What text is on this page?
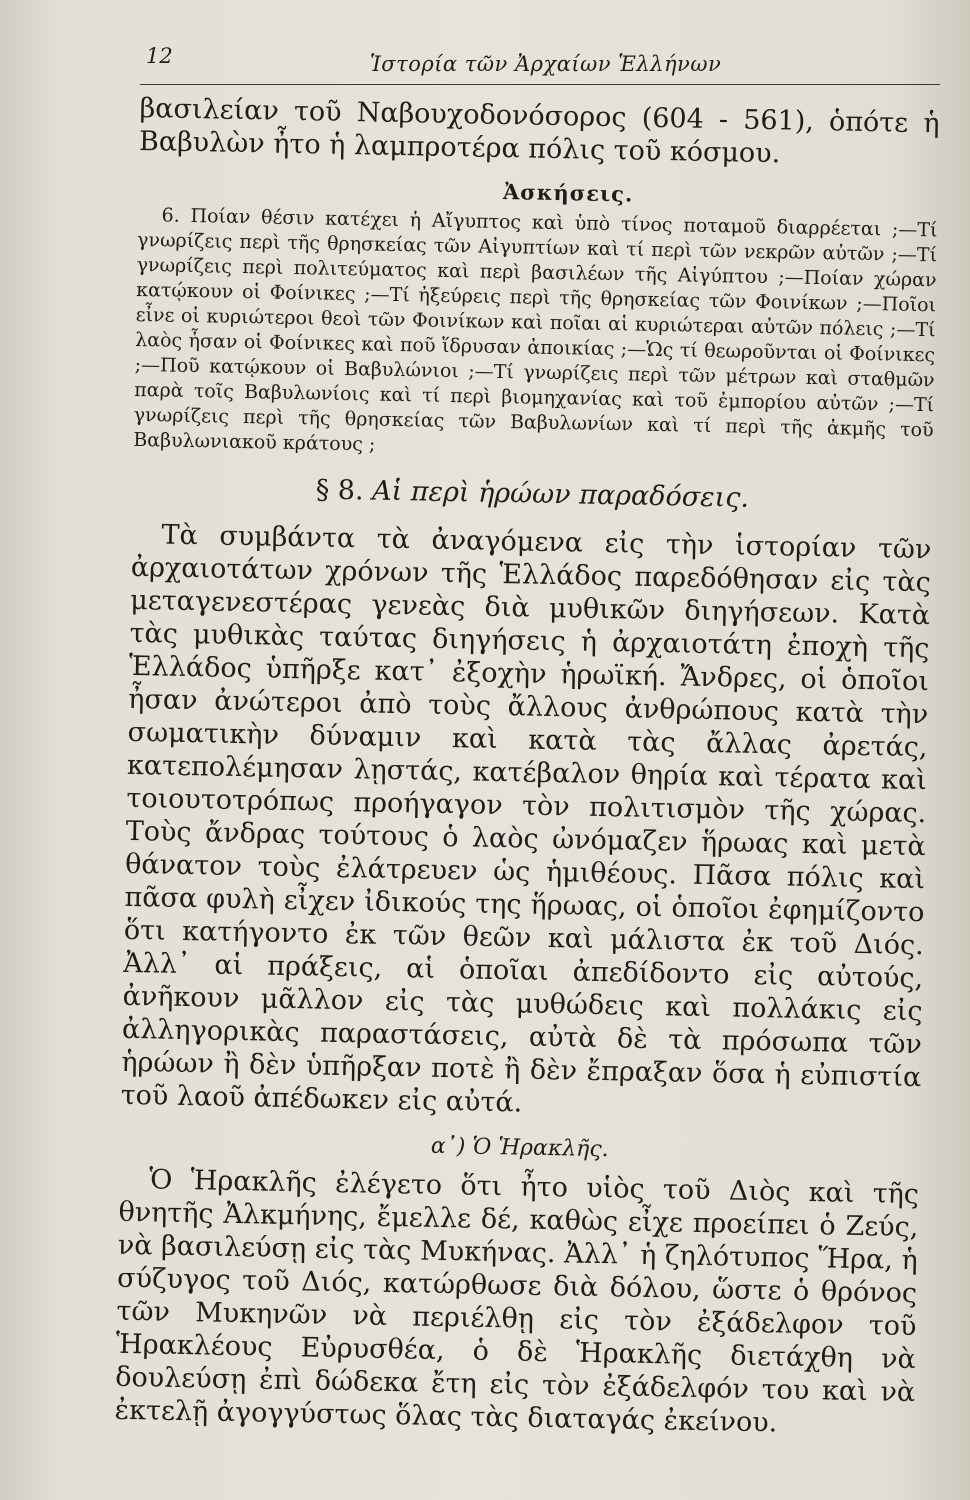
12	Ἱστορία τῶν Ἀρχαίων Ἑλλήνων

βασιλείαν τοῦ Ναβουχοδονόσορος (604 - 561), ὁπότε ἡ Βαβυλὼν ἦτο ἡ λαμπροτέρα πόλις τοῦ κόσμου.

Ἀσκήσεις.

6. Ποίαν θέσιν κατέχει ἡ Αἴγυπτος καὶ ὑπὸ τίνος ποταμοῦ διαρρέεται ;—Τί γνωρίζεις περὶ τῆς θρησκείας τῶν Αἰγυπτίων καὶ τί περὶ τῶν νεκρῶν αὐτῶν ;—Τί γνωρίζεις περὶ πολιτεύματος καὶ περὶ βασιλέων τῆς Αἰγύπτου ;—Ποίαν χώραν κατῴκουν οἱ Φοίνικες ;—Τί ἠξεύρεις περὶ τῆς θρησκείας τῶν Φοινίκων ;—Ποῖοι εἶνε οἱ κυριώτεροι θεοὶ τῶν Φοινίκων καὶ ποῖαι αἱ κυριώτεραι αὐτῶν πόλεις ;—Τί λαὸς ἦσαν οἱ Φοίνικες καὶ ποῦ ἵδρυσαν ἀποικίας ;—Ὡς τί θεωροῦνται οἱ Φοίνικες ;—Ποῦ κατῴκουν οἱ Βαβυλώνιοι ;—Τί γνωρίζεις περὶ τῶν μέτρων καὶ σταθμῶν παρὰ τοῖς Βαβυλωνίοις καὶ τί περὶ βιομηχανίας καὶ τοῦ ἐμπορίου αὐτῶν ;—Τί γνωρίζεις περὶ τῆς θρησκείας τῶν Βαβυλωνίων καὶ τί περὶ τῆς ἀκμῆς τοῦ Βαβυλωνιακοῦ κράτους ;

§ 8. Αἱ περὶ ἡρώων παραδόσεις.

Τὰ συμβάντα τὰ ἀναγόμενα εἰς τὴν ἱστορίαν τῶν ἀρχαιοτάτων χρόνων τῆς Ἑλλάδος παρεδόθησαν εἰς τὰς μεταγενεστέρας γενεὰς διὰ μυθικῶν διηγήσεων. Κατὰ τὰς μυθικὰς ταύτας διηγήσεις ἡ ἀρχαιοτάτη ἐποχὴ τῆς Ἑλλάδος ὑπῆρξε κατ᾽ ἐξοχὴν ἡρωϊκή. Ἄνδρες, οἱ ὁποῖοι ἦσαν ἀνώτεροι ἀπὸ τοὺς ἄλλους ἀνθρώπους κατὰ τὴν σωματικὴν δύναμιν καὶ κατὰ τὰς ἄλλας ἀρετάς, κατεπολέμησαν λῃστάς, κατέβαλον θηρία καὶ τέρατα καὶ τοιουτοτρόπως προήγαγον τὸν πολιτισμὸν τῆς χώρας. Τοὺς ἄνδρας τούτους ὁ λαὸς ὠνόμαζεν ἥρωας καὶ μετὰ θάνατον τοὺς ἐλάτρευεν ὡς ἡμιθέους. Πᾶσα πόλις καὶ πᾶσα φυλὴ εἶχεν ἰδικούς της ἥρωας, οἱ ὁποῖοι ἐφημίζοντο ὅτι κατήγοντο ἐκ τῶν θεῶν καὶ μάλιστα ἐκ τοῦ Διός. Ἀλλ᾽ αἱ πράξεις, αἱ ὁποῖαι ἀπεδίδοντο εἰς αὐτούς, ἀνῆκουν μᾶλλον εἰς τὰς μυθώδεις καὶ πολλάκις εἰς ἀλληγορικὰς παραστάσεις, αὐτὰ δὲ τὰ πρόσωπα τῶν ἡρώων ἢ δὲν ὑπῆρξαν ποτὲ ἢ δὲν ἔπραξαν ὅσα ἡ εὐπιστία τοῦ λαοῦ ἀπέδωκεν εἰς αὐτά.

α᾽) Ὁ Ἡρακλῆς.

Ὁ Ἡρακλῆς ἐλέγετο ὅτι ἦτο υἱὸς τοῦ Διὸς καὶ τῆς θνητῆς Ἀλκμήνης, ἔμελλε δέ, καθὼς εἶχε προείπει ὁ Ζεύς, νὰ βασιλεύσῃ εἰς τὰς Μυκήνας. Ἀλλ᾽ ἡ ζηλότυπος Ἥρα, ἡ σύζυγος τοῦ Διός, κατώρθωσε διὰ δόλου, ὥστε ὁ θρόνος τῶν Μυκηνῶν νὰ περιέλθῃ εἰς τὸν ἐξάδελφον τοῦ Ἡρακλέους Εὐρυσθέα, ὁ δὲ Ἡρακλῆς διετάχθη νὰ δουλεύσῃ ἐπὶ δώδεκα ἔτη εἰς τὸν ἐξάδελφόν του καὶ νὰ ἐκτελῇ ἀγογγύστως ὅλας τὰς διαταγάς ἐκείνου.
